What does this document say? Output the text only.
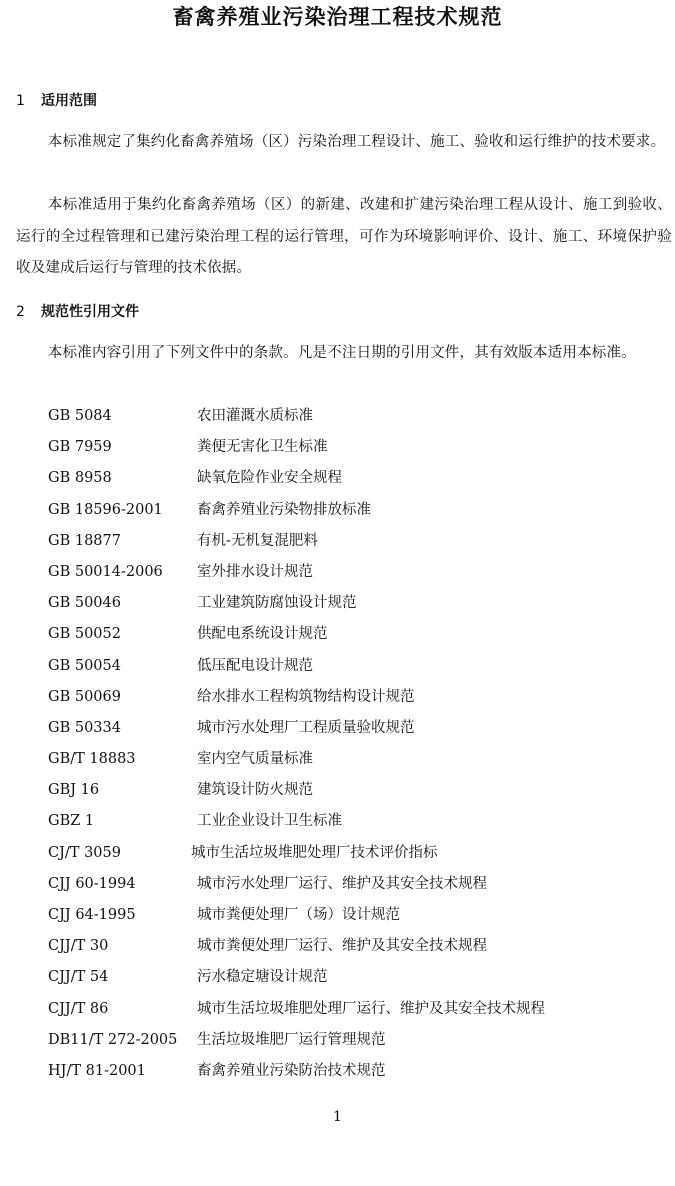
畜禽养殖业污染治理工程技术规范
1 适用范围

本标准规定了集约化畜禽养殖场（区）污染治理工程设计、施工、验收和运行维护的技术要求。

本标准适用于集约化畜禽养殖场（区）的新建、改建和扩建污染治理工程从设计、施工到验收、运行的全过程管理和已建污染治理工程的运行管理，可作为环境影响评价、设计、施工、环境保护验收及建成后运行与管理的技术依据。

2 规范性引用文件

本标准内容引用了下列文件中的条款。凡是不注日期的引用文件，其有效版本适用本标准。

GB 5084	农田灌溉水质标准
GB 7959	粪便无害化卫生标准
GB 8958	缺氧危险作业安全规程
GB 18596-2001 畜禽养殖业污染物排放标准
GB 18877	有机-无机复混肥料
GB 50014-2006 室外排水设计规范
GB 50046	工业建筑防腐蚀设计规范
GB 50052	供配电系统设计规范
GB 50054	低压配电设计规范
GB 50069	给水排水工程构筑物结构设计规范
GB 50334	城市污水处理厂工程质量验收规范
GB/T 18883	室内空气质量标准
GBJ 16	建筑设计防火规范
GBZ 1	工业企业设计卫生标准
CJ/T 3059	城市生活垃圾堆肥处理厂技术评价指标
CJJ 60-1994	城市污水处理厂运行、维护及其安全技术规程
CJJ 64-1995	城市粪便处理厂（场）设计规范
CJJ/T 30	城市粪便处理厂运行、维护及其安全技术规程
CJJ/T 54	污水稳定塘设计规范
CJJ/T 86	城市生活垃圾堆肥处理厂运行、维护及其安全技术规程
DB11/T 272-2005 生活垃圾堆肥厂运行管理规范
HJ/T 81-2001	畜禽养殖业污染防治技术规范
1
